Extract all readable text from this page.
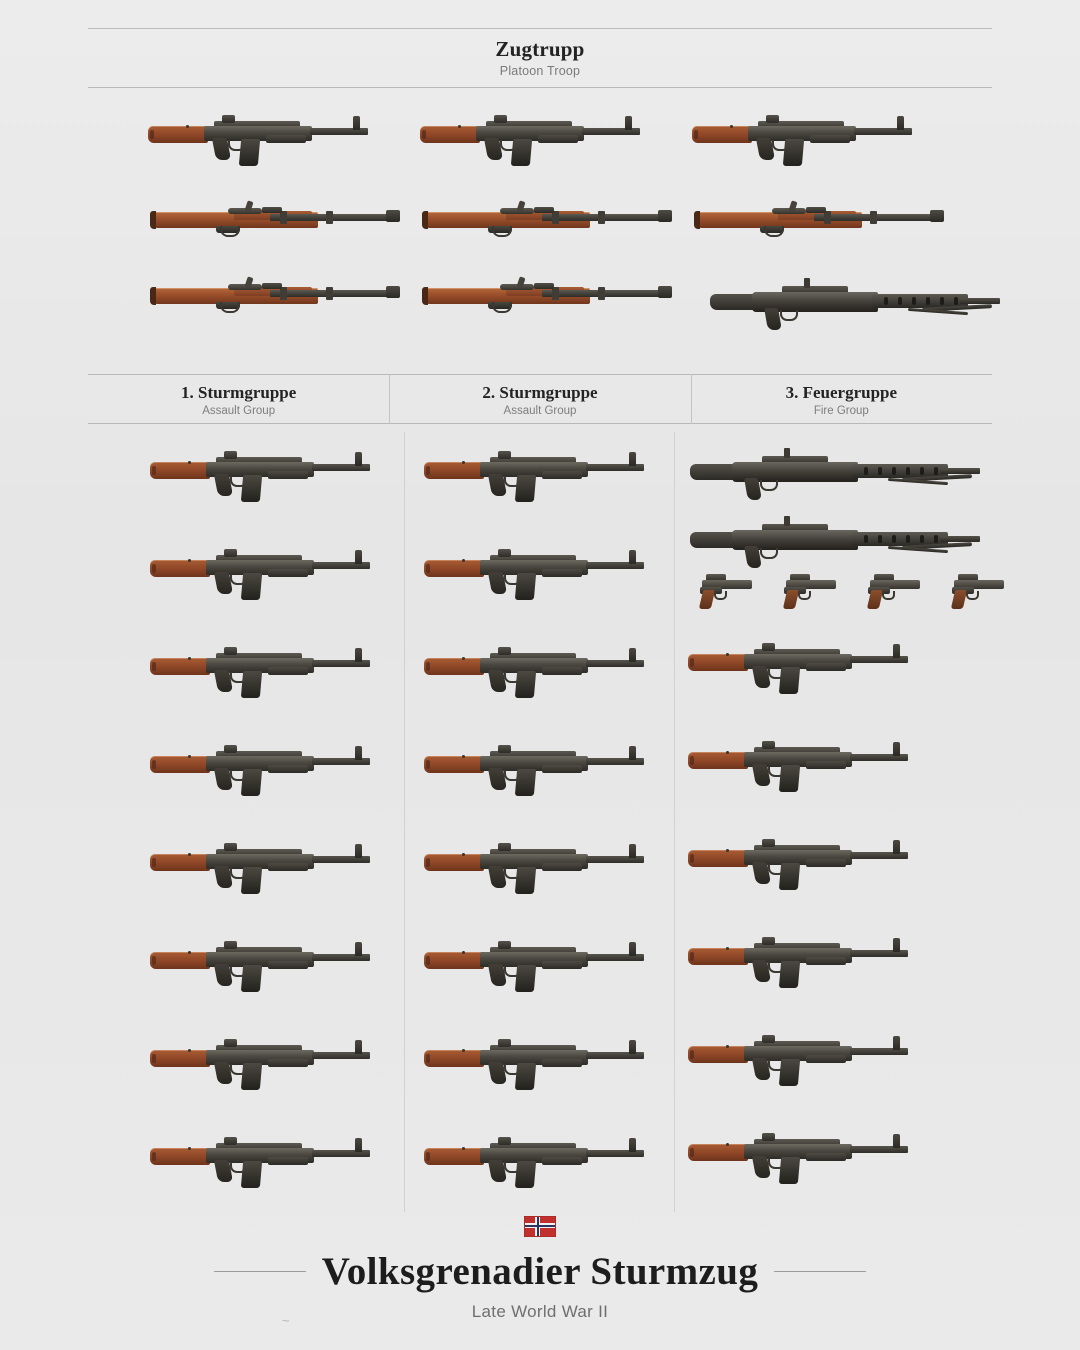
Zugtrupp
Platoon Troop
1. Sturmgruppe
Assault Group
2. Sturmgruppe
Assault Group
3. Feuergruppe
Fire Group
Volksgrenadier Sturmzug
Late World War II
~
